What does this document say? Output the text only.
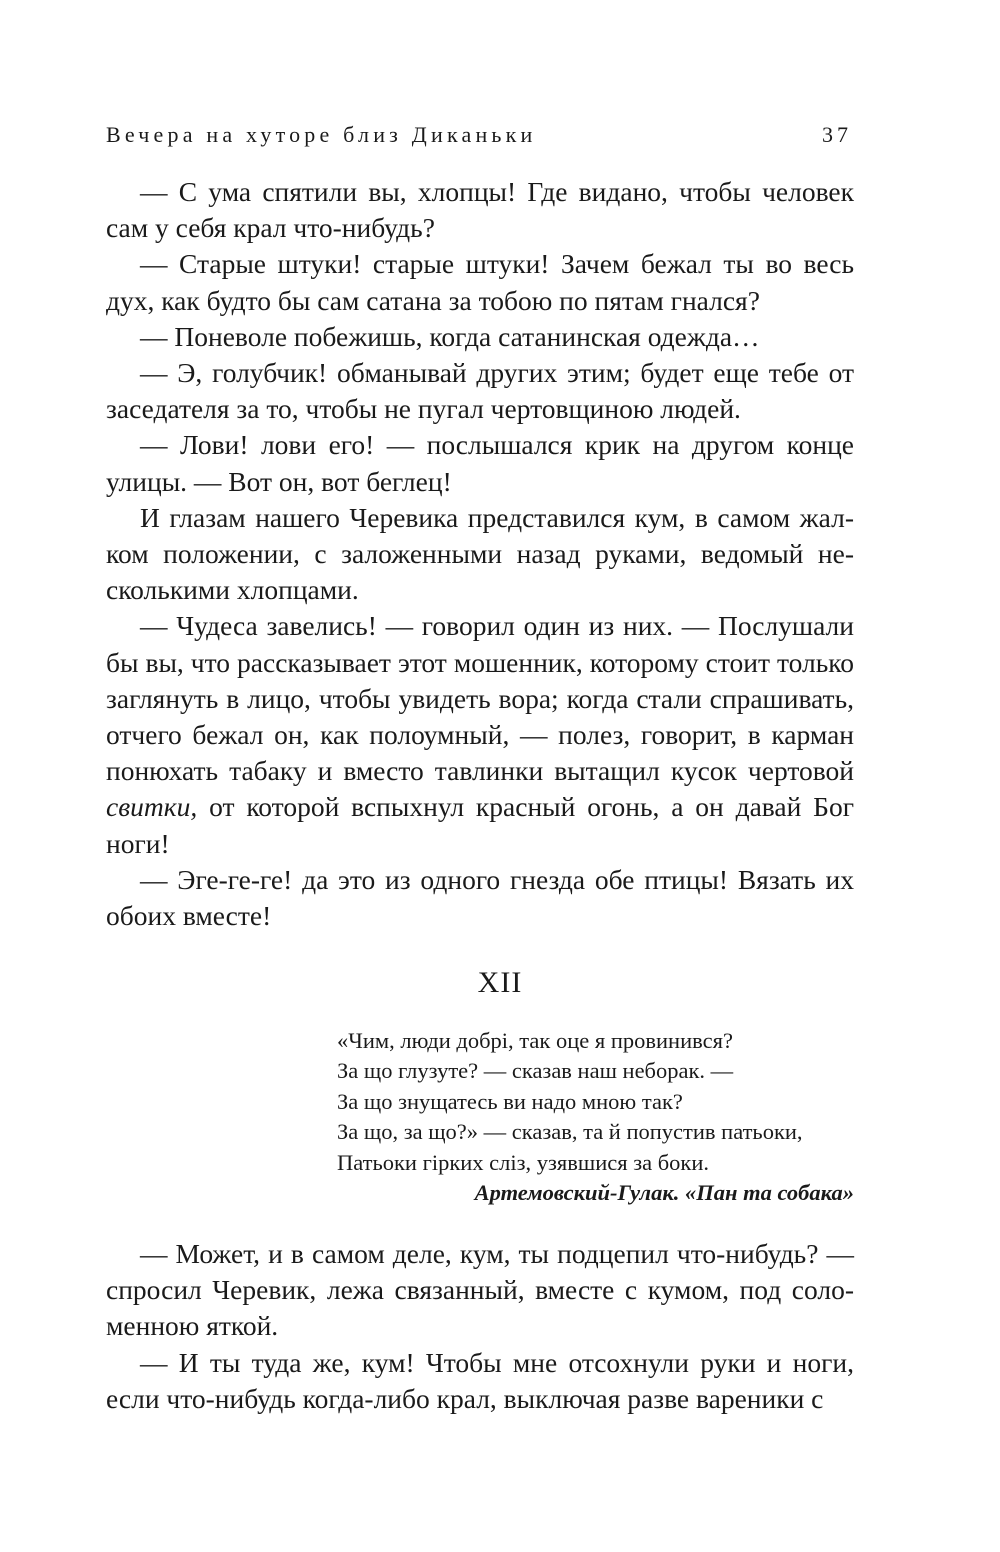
Вечера на хуторе близ Диканьки	37

— С ума спятили вы, хлопцы! Где видано, чтобы человек сам у себя крал что-нибудь?

— Старые штуки! старые штуки! Зачем бежал ты во весь дух, как будто бы сам сатана за тобою по пятам гнался?

— Поневоле побежишь, когда сатанинская одежда…

— Э, голубчик! обманывай других этим; будет еще тебе от заседателя за то, чтобы не пугал чертовщиною людей.

— Лови! лови его! — послышался крик на другом конце улицы. — Вот он, вот беглец!

И глазам нашего Черевика представился кум, в самом жалком положении, с заложенными назад руками, ведомый несколькими хлопцами.

— Чудеса завелись! — говорил один из них. — Послушали бы вы, что рассказывает этот мошенник, которому стоит только заглянуть в лицо, чтобы увидеть вора; когда стали спрашивать, отчего бежал он, как полоумный, — полез, говорит, в карман понюхать табаку и вместо тавлинки вытащил кусок чертовой свитки, от которой вспыхнул красный огонь, а он давай Бог ноги!

— Эге-ге-ге! да это из одного гнезда обе птицы! Вязать их обоих вместе!

XII
«Чим, люди добрі, так оце я провинився?
За що глузуте? — сказав наш неборак. —
За що знущатесь ви надо мною так?
За що, за що?» — сказав, та й попустив патьоки,
Патьоки гірких сліз, узявшися за боки.
Артемовский-Гулак. «Пан та собака»

— Может, и в самом деле, кум, ты подцепил что-нибудь? — спросил Черевик, лежа связанный, вместе с кумом, под соломенною яткой.

— И ты туда же, кум! Чтобы мне отсохнули руки и ноги, если что-нибудь когда-либо крал, выключая разве вареники с
